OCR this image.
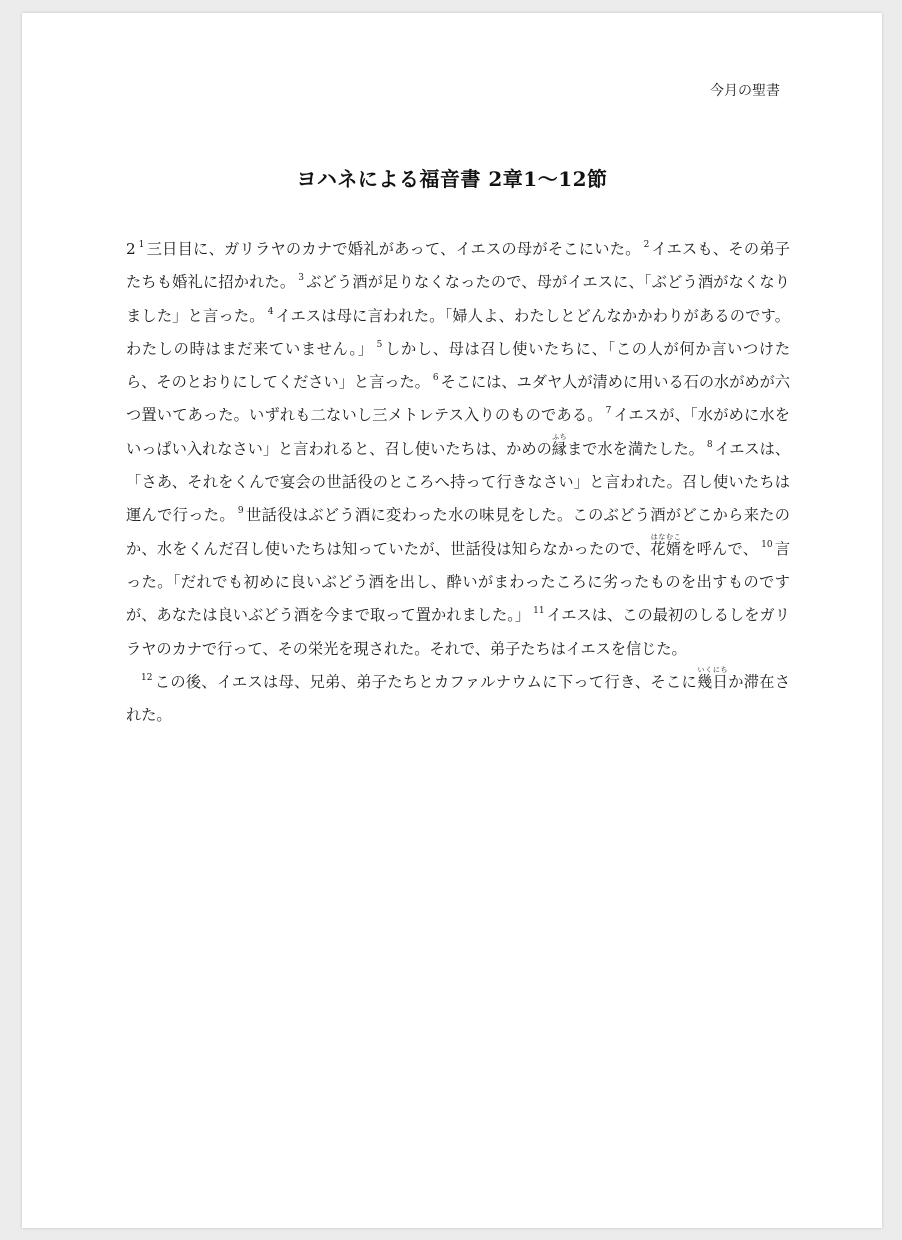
今月の聖書
ヨハネによる福音書 2章1〜12節

2 $^1$ 三日目に、ガリラヤのカナで婚礼があって、イエスの母がそこにいた。 $^2$ イエスも、その弟子たちも婚礼に招かれた。 $^3$ ぶどう酒が足りなくなったので、母がイエスに、「ぶどう酒がなくなりました」と言った。 $^4$ イエスは母に言われた。「婦人よ、わたしとどんなかかわりがあるのです。わたしの時はまだ来ていません。」 $^5$ しかし、母は召し使いたちに、「この人が何か言いつけたら、そのとおりにしてください」と言った。 $^6$ そこには、ユダヤ人が清めに用いる石の水がめが六つ置いてあった。いずれも二ないし三メトレテス入りのものである。 $^7$ イエスが、「水がめに水をいっぱい入れなさい」と言われると、召し使いたちは、かめの縁ふちまで水を満たした。 $^8$ イエスは、「さあ、それをくんで宴会の世話役のところへ持って行きなさい」と言われた。召し使いたちは運んで行った。 $^9$ 世話役はぶどう酒に変わった水の味見をした。このぶどう酒がどこから来たのか、水をくんだ召し使いたちは知っていたが、世話役は知らなかったので、花婿はなむこを呼んで、 $^{10}$ 言った。「だれでも初めに良いぶどう酒を出し、酔いがまわったころに劣ったものを出すものですが、あなたは良いぶどう酒を今まで取って置かれました。」 $^{11}$ イエスは、この最初のしるしをガリラヤのカナで行って、その栄光を現された。それで、弟子たちはイエスを信じた。

$^{12}$ この後、イエスは母、兄弟、弟子たちとカファルナウムに下って行き、そこに幾日いくにちか滞在された。
